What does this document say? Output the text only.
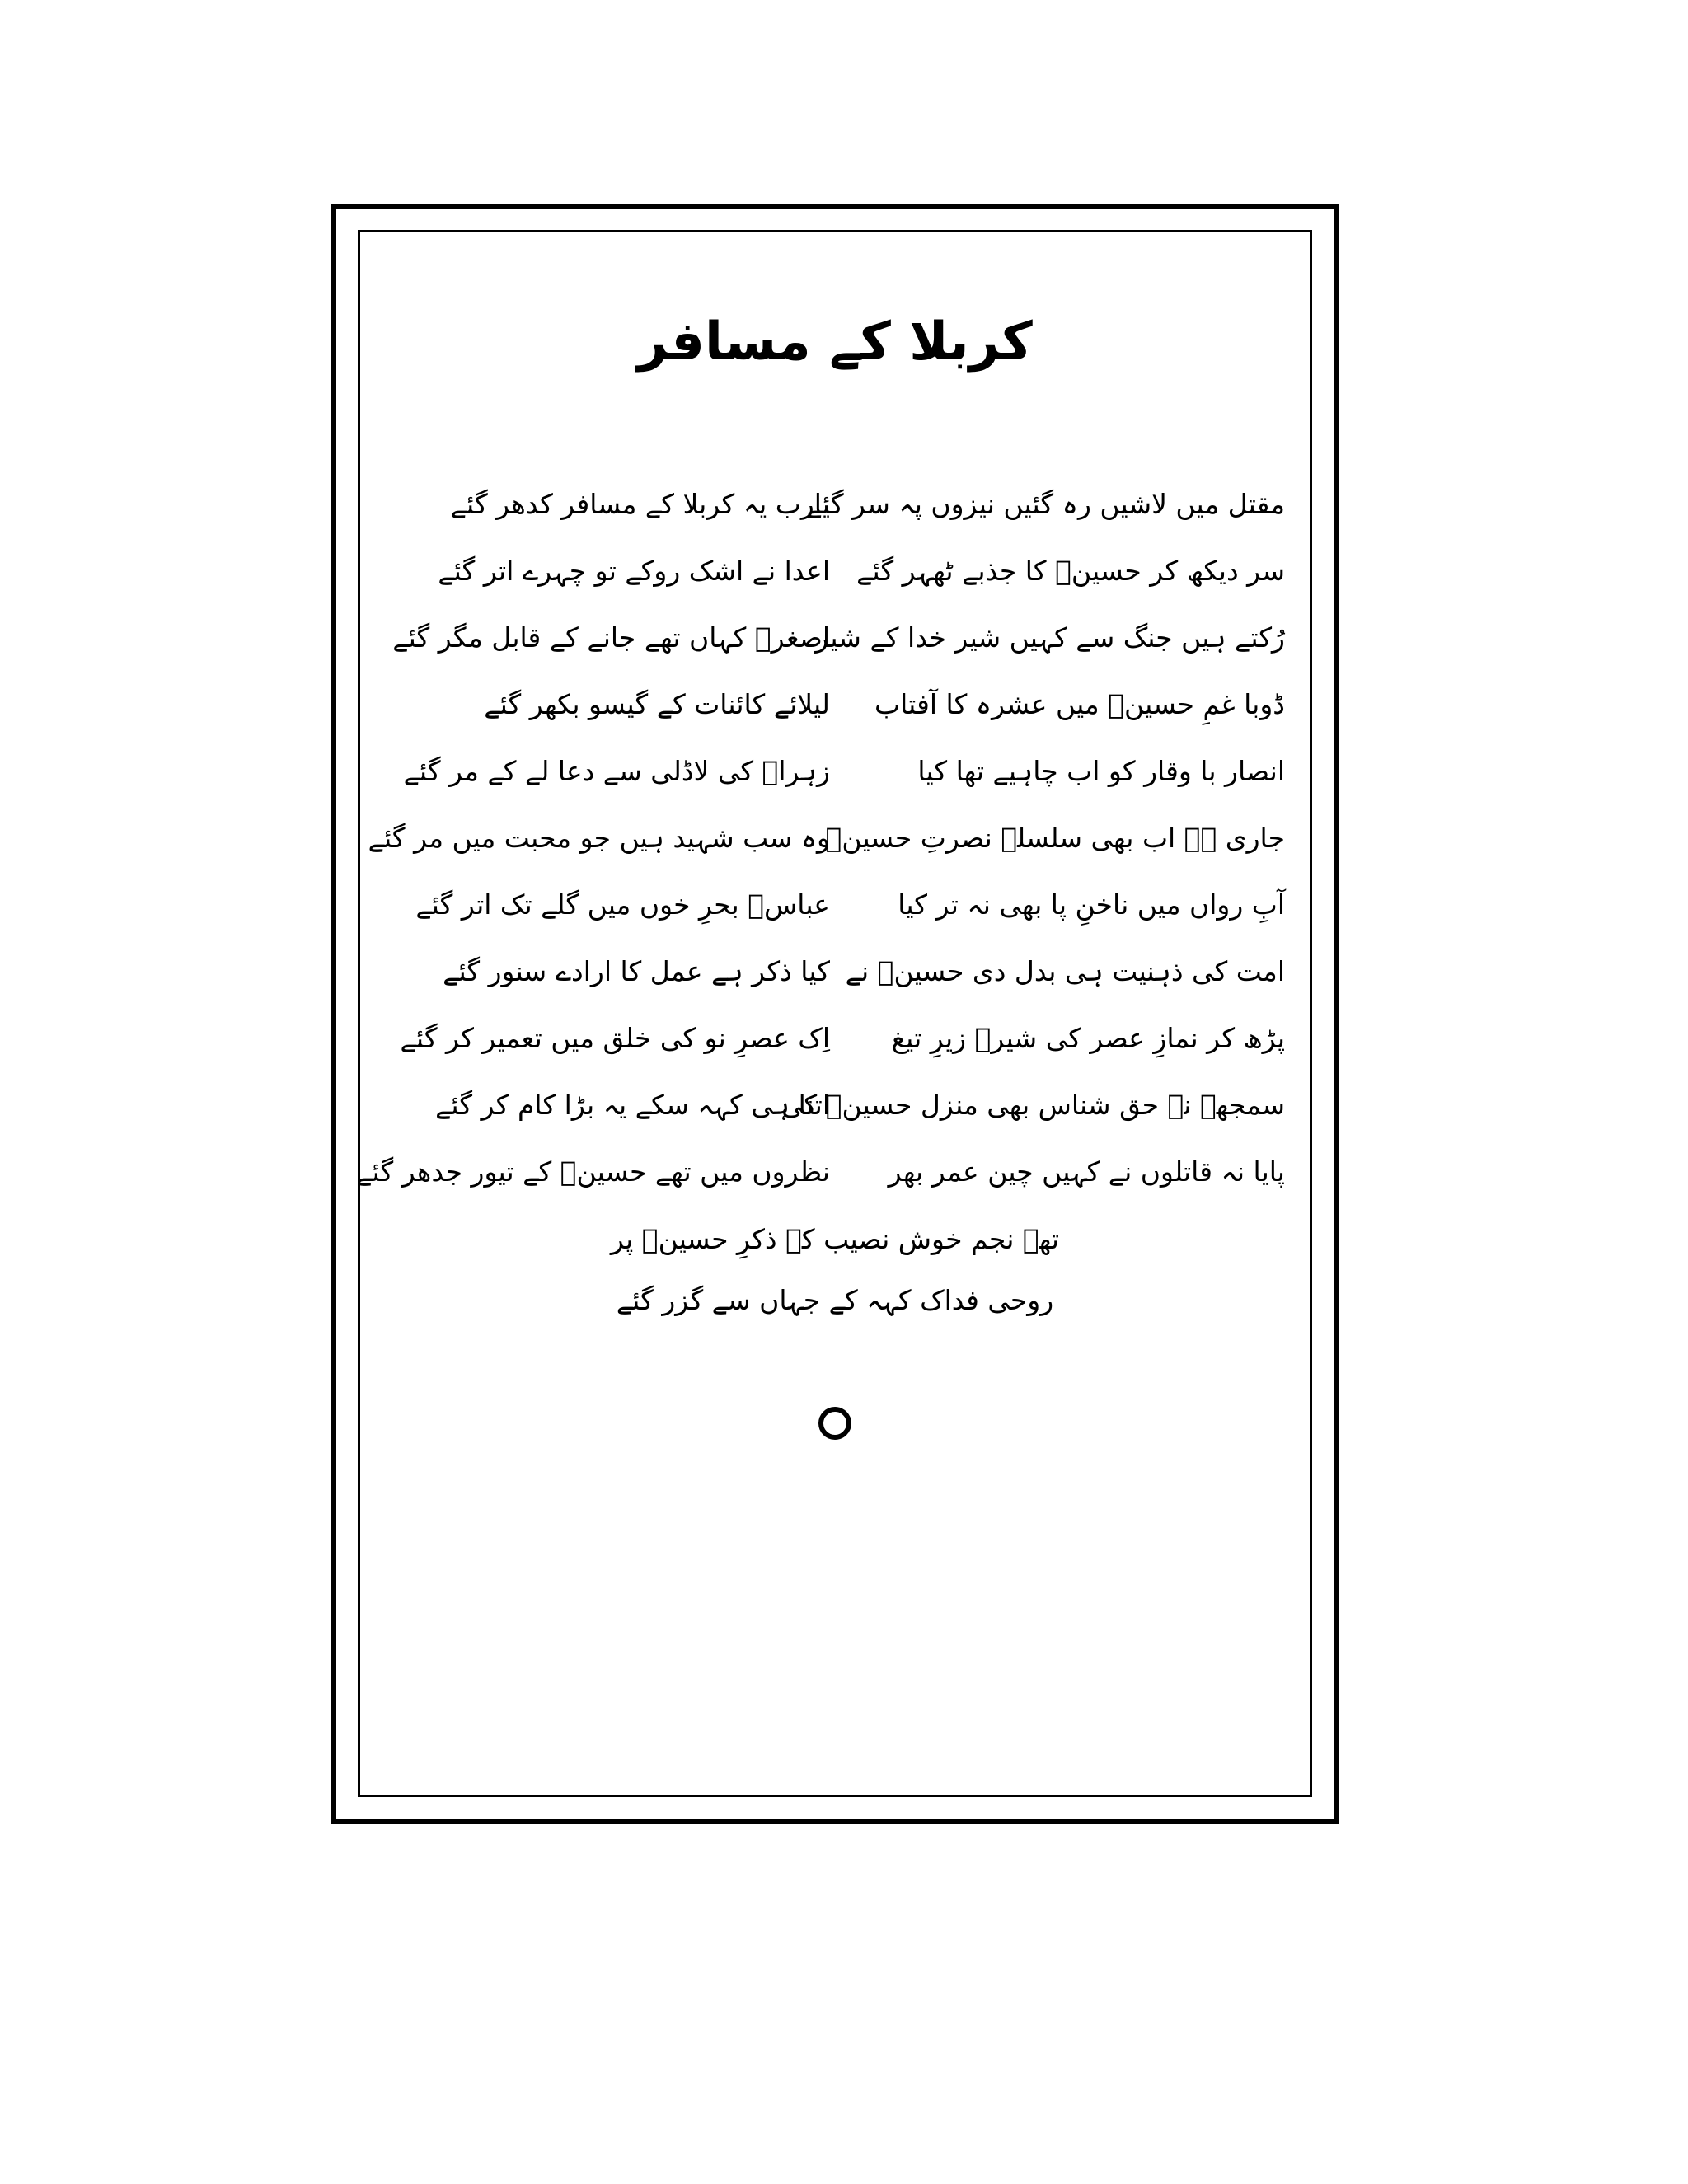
کربلا کے مسافر
مقتل میں لاشیں رہ گئیں نیزوں پہ سر گئے
یارب یہ کربلا کے مسافر کدھر گئے
سر دیکھ کر حسینؑ کا جذبے ٹھہر گئے
اعدا نے اشک روکے تو چہرے اتر گئے
رُکتے ہیں جنگ سے کہیں شیر خدا کے شیر
اصغرؑ کہاں تھے جانے کے قابل مگر گئے
ڈوبا غمِ حسینؑ میں عشرہ کا آفتاب
لیلائے کائنات کے گیسو بکھر گئے
انصار با وقار کو اب چاہیے تھا کیا
زہراؑ کی لاڈلی سے دعا لے کے مر گئے
جاری ہے اب بھی سلسلۂ نصرتِ حسینؑ
وہ سب شہید ہیں جو محبت میں مر گئے
آبِ رواں میں ناخنِ پا بھی نہ تر کیا
عباسؑ بحرِ خوں میں گلے تک اتر گئے
امت کی ذہنیت ہی بدل دی حسینؑ نے
کیا ذکر ہے عمل کا ارادے سنور گئے
پڑھ کر نمازِ عصر کی شیرؑ زیرِ تیغ
اِک عصرِ نو کی خلق میں تعمیر کر گئے
سمجھے نہ حق شناس بھی منزل حسینؑ کی
اتنا ہی کہہ سکے یہ بڑا کام کر گئے
پایا نہ قاتلوں نے کہیں چین عمر بھر
نظروں میں تھے حسینؑ کے تیور جدھر گئے
تھے نجم خوش نصیب کہ ذکرِ حسینؑ پر
روحی فداک کہہ کے جہاں سے گزر گئے
